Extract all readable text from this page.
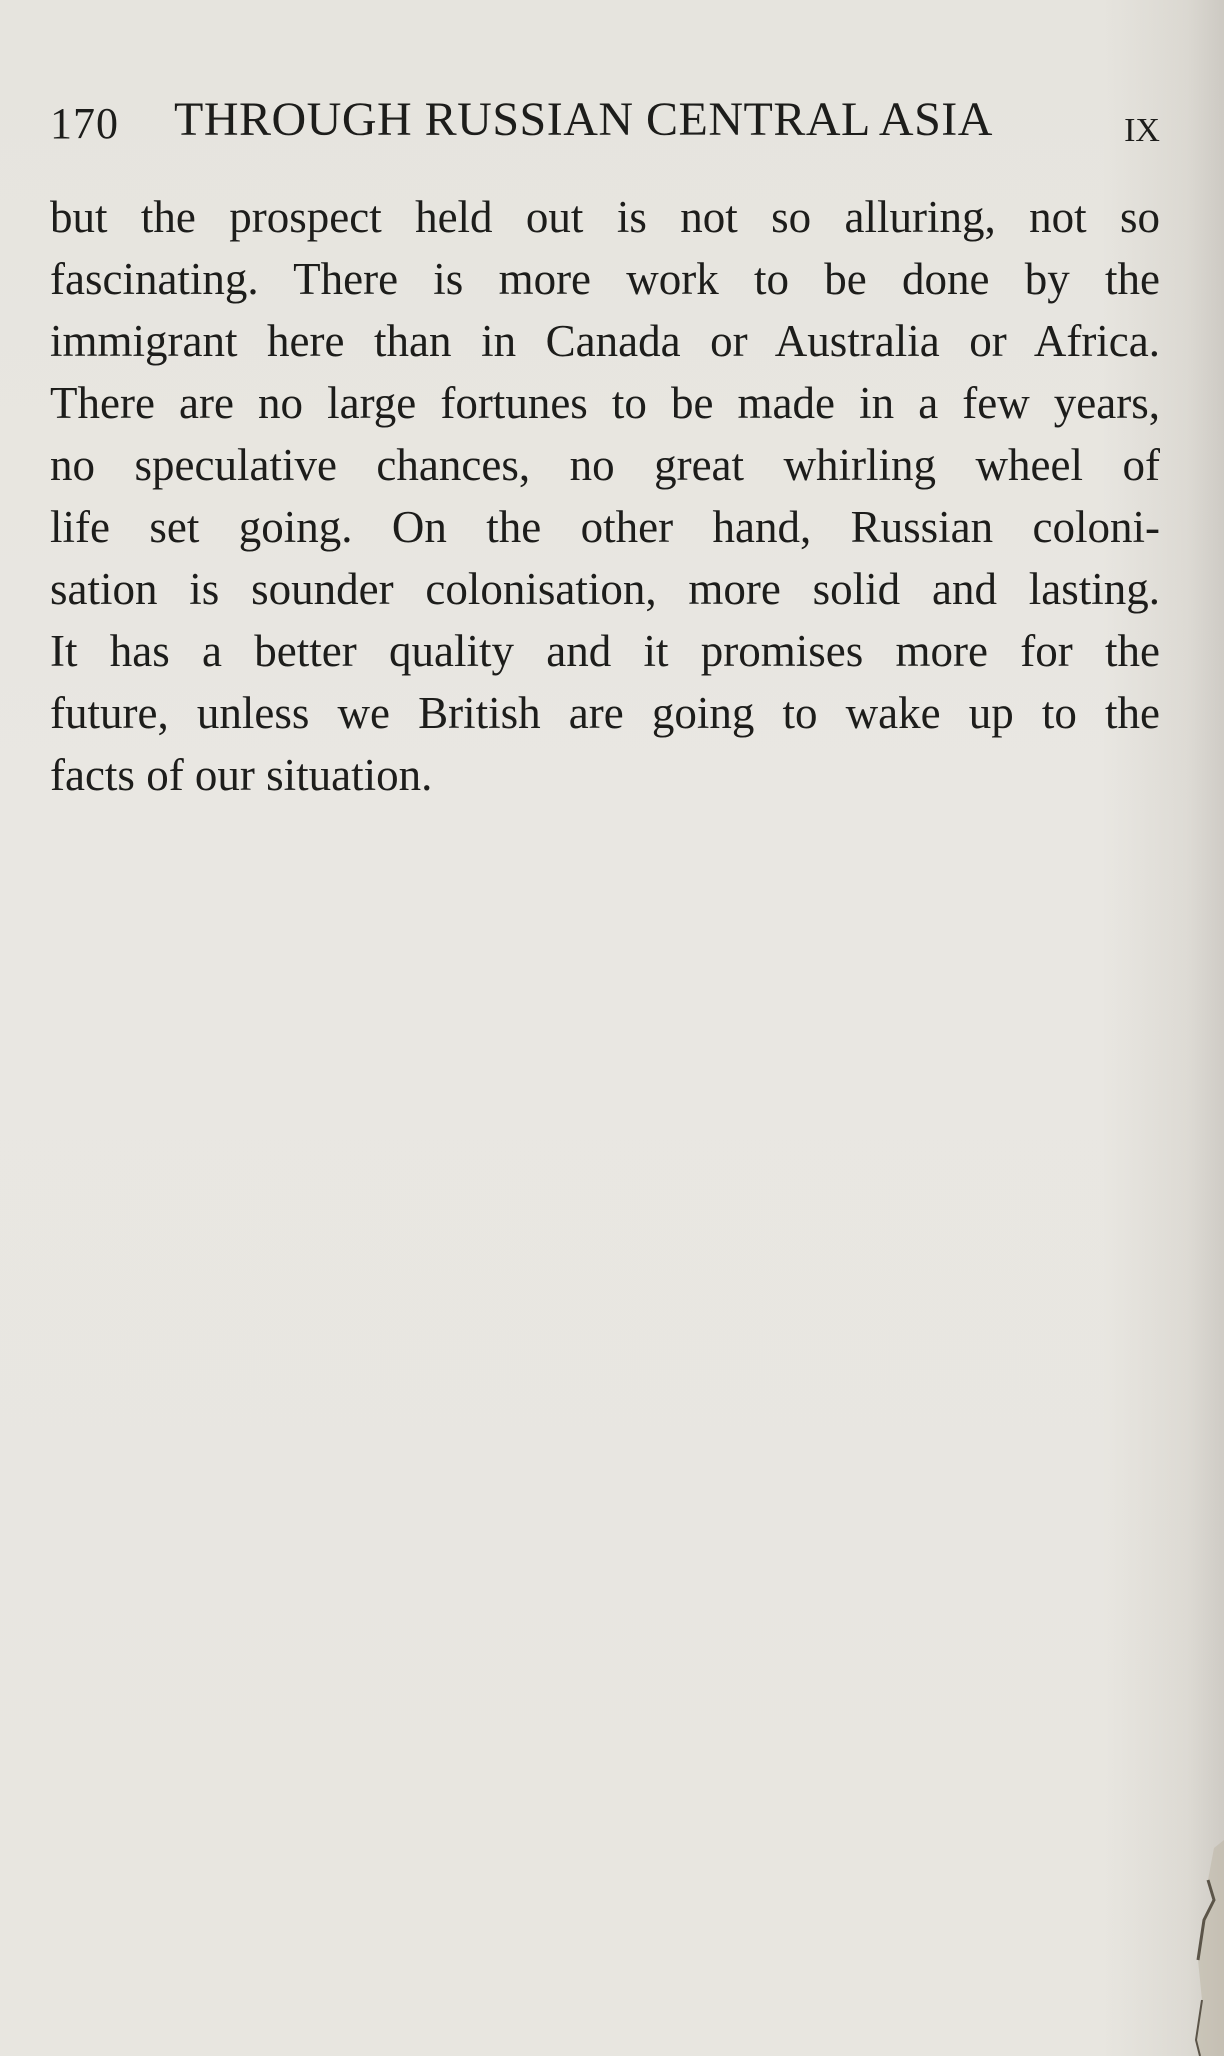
170 THROUGH RUSSIAN CENTRAL ASIA	IX
but the prospect held out is not so alluring, not so
fascinating. There is more work to be done by the
immigrant here than in Canada or Australia or Africa.
There are no large fortunes to be made in a few years,
no speculative chances, no great whirling wheel of
life set going. On the other hand, Russian coloni-
sation is sounder colonisation, more solid and lasting.
It has a better quality and it promises more for the
future, unless we British are going to wake up to the
facts of our situation.
